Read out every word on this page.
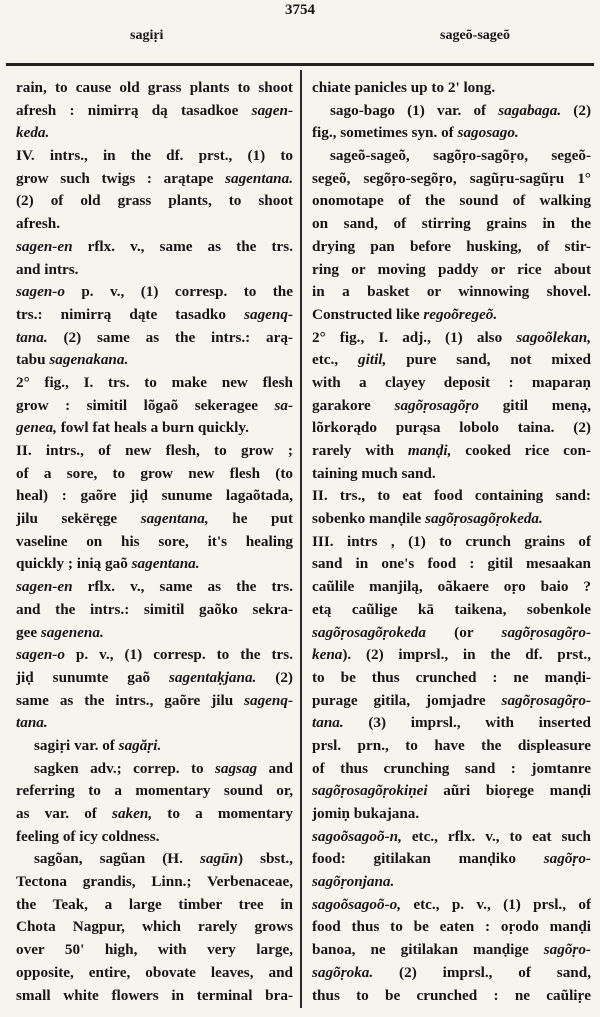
3754
sagiṛi	sageõ-sageõ
rain, to cause old grass plants to shoot
afresh : nimirrą dą tasadkoe sagen-
keda.
IV. intrs., in the df. prst., (1) to
grow such twigs : arątape sagentana.
(2) of old grass plants, to shoot
afresh.
sagen-en rflx. v., same as the trs.
and intrs.
sagen-o p. v., (1) corresp. to the
trs.: nimirrą dąte tasadko sagenq-
tana. (2) same as the intrs.: arą-
tabu sagenakana.
2° fig., I. trs. to make new flesh
grow : simitil lõgaõ sekeragee sa-
genea, fowl fat heals a burn quickly.
II. intrs., of new flesh, to grow ;
of a sore, to grow new flesh (to
heal) : gaõre jiḍ sunume lagaõtada,
jilu sekëręge sagentana, he put
vaseline on his sore, it's healing
quickly ; inią gaõ sagentana.
sagen-en rflx. v., same as the trs.
and the intrs.: simitil gaõko sekra-
gee sagenena.
sagen-o p. v., (1) corresp. to the trs.
jiḍ sunumte gaõ sagentaḳjana. (2)
same as the intrs., gaõre jilu sagenq-
tana.
sagiṛi var. of sagăṛi.
sagken adv.; correp. to sagsag and
referring to a momentary sound or,
as var. of saken, to a momentary
feeling of icy coldness.
sagõan, sagũan (H. sagūn) sbst.,
Tectona grandis, Linn.; Verbenaceae,
the Teak, a large timber tree in
Chota Nagpur, which rarely grows
over 50' high, with very large,
opposite, entire, obovate leaves, and
small white flowers in terminal bra-
chiate panicles up to 2' long.
sago-bago (1) var. of sagabaga. (2)
fig., sometimes syn. of sagosago.
sageõ-sageõ, sagõṛo-sagõṛo, segeõ-
segeõ, segõṛo-segõṛo, sagũṛu-sagũṛu 1°
onomotape of the sound of walking
on sand, of stirring grains in the
drying pan before husking, of stir-
ring or moving paddy or rice about
in a basket or winnowing shovel.
Constructed like regoõregeõ.
2° fig., I. adj., (1) also sagoõlekan,
etc., gitil, pure sand, not mixed
with a clayey deposit : maparaṇ
garakore sagõṛosagõṛo gitil menạ,
lõrkorądo purąsa lobolo taina. (2)
rarely with manḍi, cooked rice con-
taining much sand.
II. trs., to eat food containing sand:
sobenko manḍile sagõṛosagõṛokeda.
III. intrs , (1) to crunch grains of
sand in one's food : gitil mesaakan
caũlile manjilą, oãkaere oṛo baio ?
etą caũlige kā taikena, sobenkole
sagõṛosagõṛokeda (or sagõṛosagõṛo-
kena). (2) imprsl., in the df. prst.,
to be thus crunched : ne manḍi-
purage gitila, jomjadre sagõṛosagõṛo-
tana. (3) imprsl., with inserted
prsl. prn., to have the displeasure
of thus crunching sand : jomtanre
sagõṛosagõṛokiṇei aũri bioṛege manḍi
jomiṇ bukajana.
sagoõsagoõ-n, etc., rflx. v., to eat such
food: gitilakan manḍiko sagõṛo-
sagõṛonjana.
sagoõsagoõ-o, etc., p. v., (1) prsl., of
food thus to be eaten : oṛodo manḍi
banoa, ne gitilakan manḍige sagõṛo-
sagõṛoka. (2) imprsl., of sand,
thus to be crunched : ne caũliṛe
